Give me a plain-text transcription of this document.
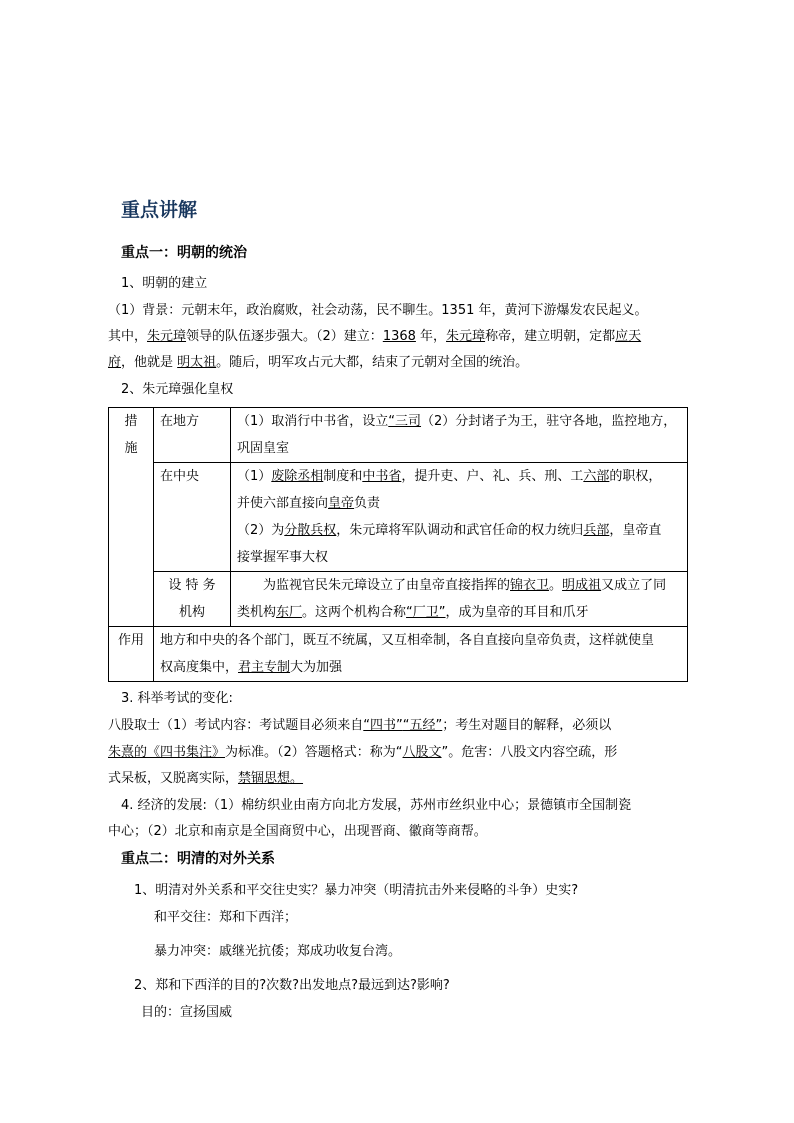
重点讲解
重点一：明朝的统治
1、明朝的建立
（1）背景：元朝末年，政治腐败，社会动荡，民不聊生。1351 年，黄河下游爆发农民起义。
其中，朱元璋领导的队伍逐步强大。（2）建立：1368 年，朱元璋称帝，建立明朝，定都应天
府，他就是 明太祖。随后，明军攻占元大都，结束了元朝对全国的统治。
2、朱元璋强化皇权
措
施	在地方	（1）取消行中书省，设立“三司（2）分封诸子为王，驻守各地，监控地方，
巩固皇室
	在中央	（1）废除丞相制度和中书省，提升吏、户、礼、兵、刑、工六部的职权，
并使六部直接向皇帝负责
（2）为分散兵权，朱元璋将军队调动和武官任命的权力统归兵部，皇帝直
接掌握军事大权

	设 特 务
机构	为监视官民朱元璋设立了由皇帝直接指挥的锦衣卫。明成祖又成立了同
类机构东厂。这两个机构合称“厂卫”，成为皇帝的耳目和爪牙
作用	地方和中央的各个部门，既互不统属，又互相牵制，各自直接向皇帝负责，这样就使皇
权高度集中，君主专制大为加强	
3. 科举考试的变化:
八股取士（1）考试内容：考试题目必须来自“四书”“五经”；考生对题目的解释，必须以
朱熹的《四书集注》为标准。（2）答题格式：称为“八股文”。危害：八股文内容空疏，形
式呆板，又脱离实际，禁锢思想。
4. 经济的发展:（1）棉纺织业由南方向北方发展，苏州市丝织业中心；景德镇市全国制瓷
中心；（2）北京和南京是全国商贸中心，出现晋商、徽商等商帮。
重点二：明清的对外关系
1、明清对外关系和平交往史实？暴力冲突（明清抗击外来侵略的斗争）史实?
和平交往：郑和下西洋；
暴力冲突：戚继光抗倭；郑成功收复台湾。
2、郑和下西洋的目的?次数?出发地点?最远到达?影响?
目的：宣扬国威
